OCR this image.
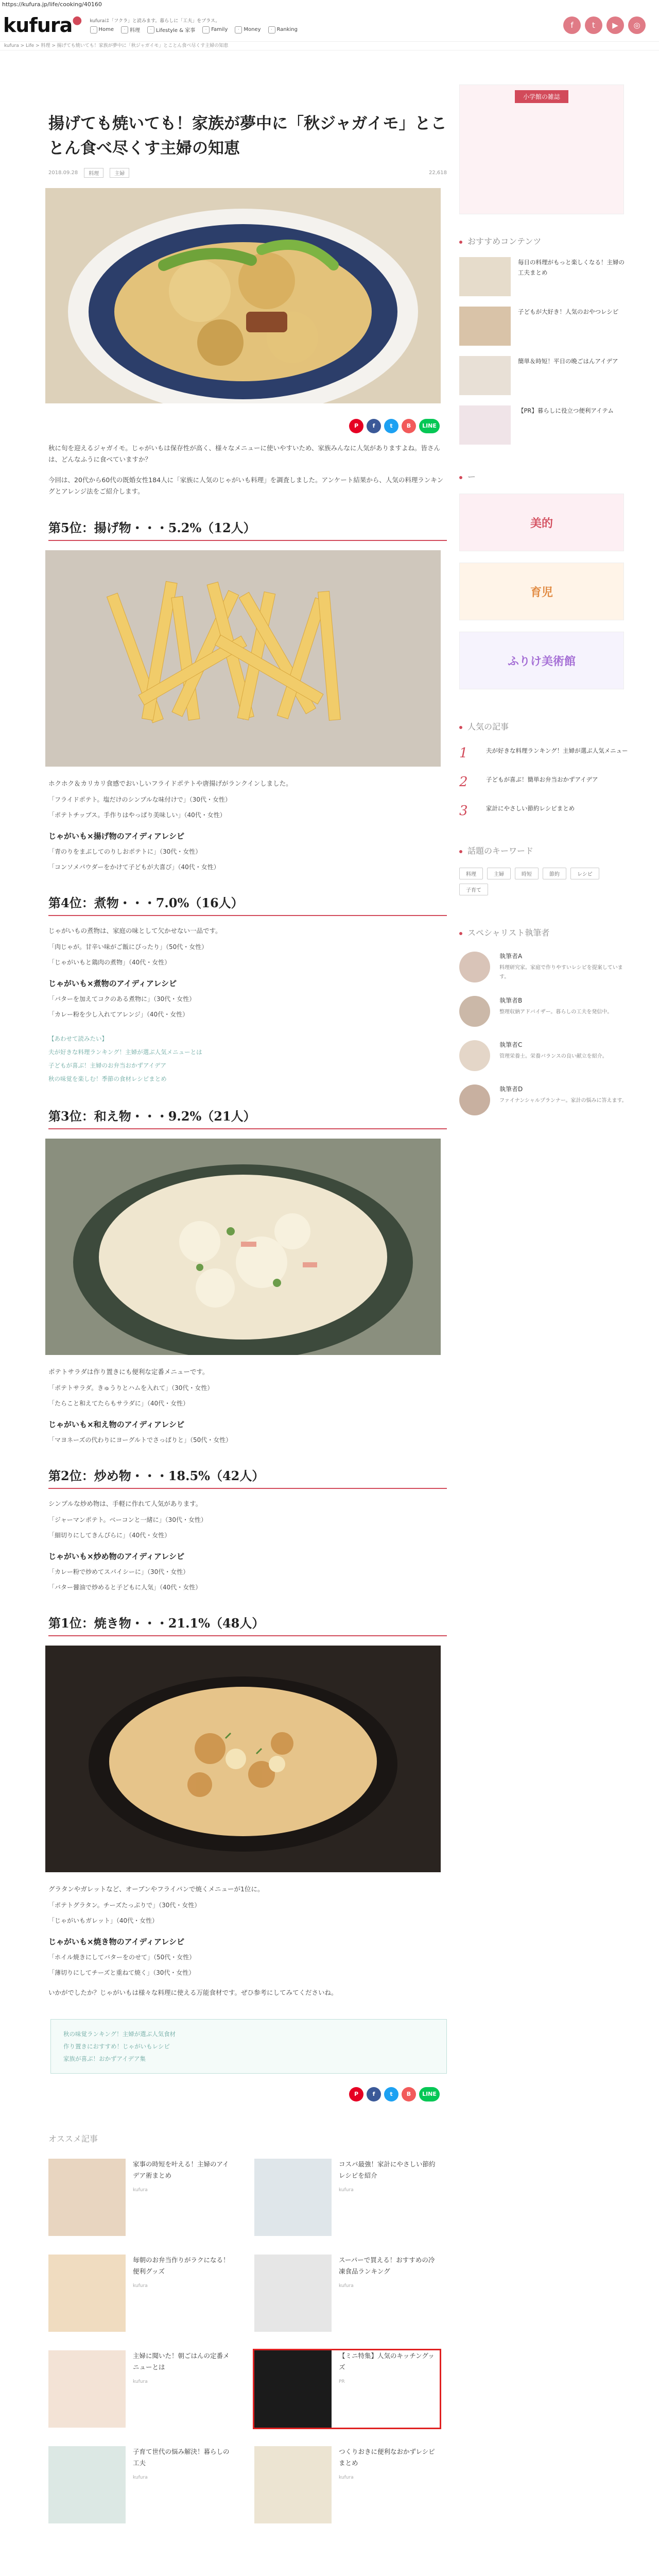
https://kufura.jp/life/cooking/40160
kufura● kufuraは「フクラ」と読みます。暮らしに「工夫」をプラス。
· Home	· 料理	· Lifestyle & 家事	· Family	· Money	· Ranking	f	t	▶	◎
kufura > Life > 料理 > 揚げても焼いても！家族が夢中に「秋ジャガイモ」とことん食べ尽くす主婦の知恵
揚げても焼いても！家族が夢中に「秋ジャガイモ」とことん食べ尽くす主婦の知恵
2018.09.28	料理	主婦	22,618
P	f	t	B	LINE

秋に旬を迎えるジャガイモ。じゃがいもは保存性が高く、様々なメニューに使いやすいため、家族みんなに人気がありますよね。皆さんは、どんなふうに食べていますか？

今回は、20代から60代の既婚女性184人に「家族に人気のじゃがいも料理」を調査しました。アンケート結果から、人気の料理ランキングとアレンジ法をご紹介します。

第5位：揚げ物・・・5.2%（12人）

ホクホク＆カリカリ食感でおいしいフライドポテトや唐揚げがランクインしました。

「フライドポテト。塩だけのシンプルな味付けで」（30代・女性）
「ポテトチップス。手作りはやっぱり美味しい」（40代・女性）
じゃがいも×揚げ物のアイディアレシピ
「青のりをまぶしてのりしおポテトに」（30代・女性）
「コンソメパウダーをかけて子どもが大喜び」（40代・女性）
第4位：煮物・・・7.0%（16人）

じゃがいもの煮物は、家庭の味として欠かせない一品です。

「肉じゃが。甘辛い味がご飯にぴったり」（50代・女性）
「じゃがいもと鶏肉の煮物」（40代・女性）
じゃがいも×煮物のアイディアレシピ
「バターを加えてコクのある煮物に」（30代・女性）
「カレー粉を少し入れてアレンジ」（40代・女性）
【あわせて読みたい】
夫が好きな料理ランキング！主婦が選ぶ人気メニューとは
子どもが喜ぶ！主婦のお弁当おかずアイデア
秋の味覚を楽しむ！季節の食材レシピまとめ
第3位：和え物・・・9.2%（21人）

ポテトサラダは作り置きにも便利な定番メニューです。

「ポテトサラダ。きゅうりとハムを入れて」（30代・女性）
「たらこと和えてたらもサラダに」（40代・女性）
じゃがいも×和え物のアイディアレシピ
「マヨネーズの代わりにヨーグルトでさっぱりと」（50代・女性）
第2位：炒め物・・・18.5%（42人）

シンプルな炒め物は、手軽に作れて人気があります。

「ジャーマンポテト。ベーコンと一緒に」（30代・女性）
「細切りにしてきんぴらに」（40代・女性）
じゃがいも×炒め物のアイディアレシピ
「カレー粉で炒めてスパイシーに」（30代・女性）
「バター醤油で炒めると子どもに人気」（40代・女性）
第1位：焼き物・・・21.1%（48人）

グラタンやガレットなど、オーブンやフライパンで焼くメニューが1位に。

「ポテトグラタン。チーズたっぷりで」（30代・女性）
「じゃがいもガレット」（40代・女性）
じゃがいも×焼き物のアイディアレシピ
「ホイル焼きにしてバターをのせて」（50代・女性）
「薄切りにしてチーズと重ねて焼く」（30代・女性）

いかがでしたか？じゃがいもは様々な料理に使える万能食材です。ぜひ参考にしてみてくださいね。

秋の味覚ランキング！主婦が選ぶ人気食材
作り置きにおすすめ！じゃがいもレシピ
家族が喜ぶ！おかずアイデア集
P	f	t	B	LINE
オススメ記事
家事の時短を叶える！主婦のアイデア術まとめ
kufura
コスパ最強！家計にやさしい節約レシピを紹介
kufura
毎朝のお弁当作りがラクになる！便利グッズ
kufura
スーパーで買える！おすすめの冷凍食品ランキング
kufura
主婦に聞いた！朝ごはんの定番メニューとは
kufura
【ミニ特集】人気のキッチングッズ
PR
子育て世代の悩み解決！暮らしの工夫
kufura
つくりおきに便利なおかずレシピまとめ
kufura
小学館の雑誌
おすすめコンテンツ
毎日の料理がもっと楽しくなる！主婦の工夫まとめ
子どもが大好き！人気のおやつレシピ
簡単＆時短！平日の晩ごはんアイデア
【PR】暮らしに役立つ便利アイテム
ー
美的
育児
ふりけ美術館
人気の記事
1	夫が好きな料理ランキング！主婦が選ぶ人気メニュー
2	子どもが喜ぶ！簡単お弁当おかずアイデア
3	家計にやさしい節約レシピまとめ
話題のキーワード
料理	主婦	時短	節約	レシピ
子育て
スペシャリスト執筆者
執筆者A
料理研究家。家庭で作りやすいレシピを提案しています。
執筆者B
整理収納アドバイザー。暮らしの工夫を発信中。
執筆者C
管理栄養士。栄養バランスの良い献立を紹介。
執筆者D
ファイナンシャルプランナー。家計の悩みに答えます。
